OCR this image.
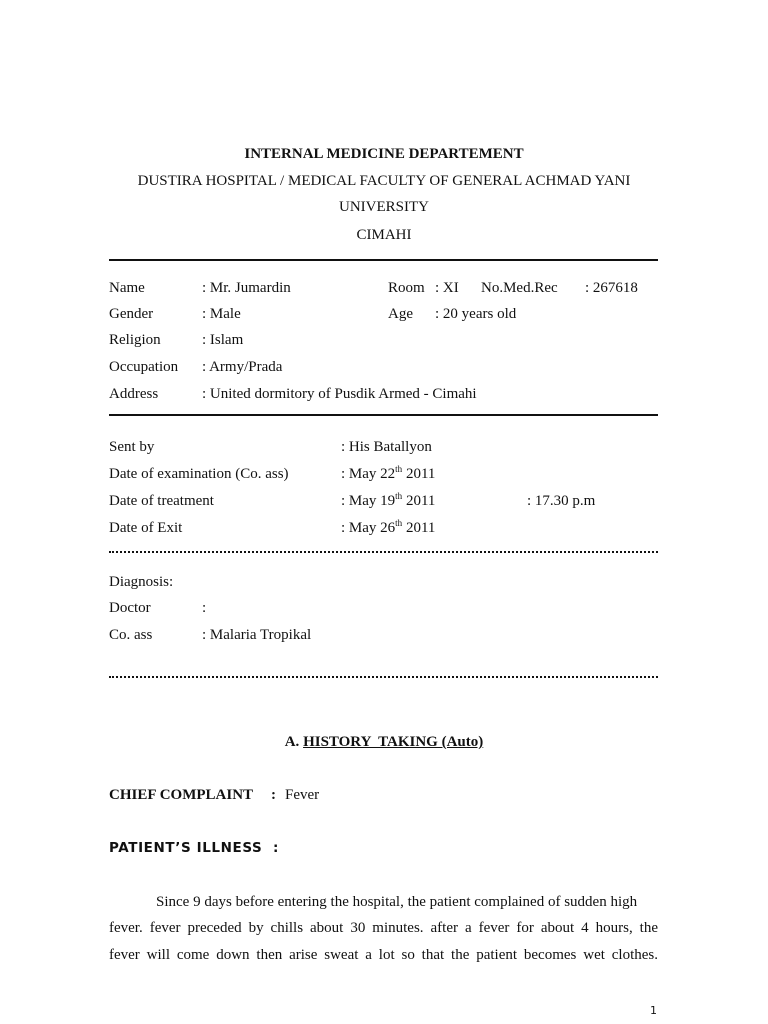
INTERNAL MEDICINE DEPARTEMENT
DUSTIRA HOSPITAL / MEDICAL FACULTY OF GENERAL ACHMAD YANI
UNIVERSITY
CIMAHI
Name	: Mr. Jumardin	Room : XI No.Med.Rec : 267618
Gender	: Male	Age : 20 years old
Religion	: Islam
Occupation : Army/Prada
Address	: United dormitory of Pusdik Armed - Cimahi
Sent by	: His Batallyon
Date of examination (Co. ass)	: May 22th 2011
Date of treatment	: May 19th 2011	: 17.30 p.m
Date of Exit	: May 26th 2011
Diagnosis:
Doctor	:
Co. ass	: Malaria Tropikal
A. HISTORY  TAKING (Auto)
CHIEF COMPLAINT : Fever
PATIENT’S ILLNESS  :
Since 9 days before entering the hospital, the patient complained of sudden high
fever. fever preceded by chills about 30 minutes. after a fever for about 4 hours, the
fever will come down then arise sweat a lot so that the patient becomes wet clothes.
1
